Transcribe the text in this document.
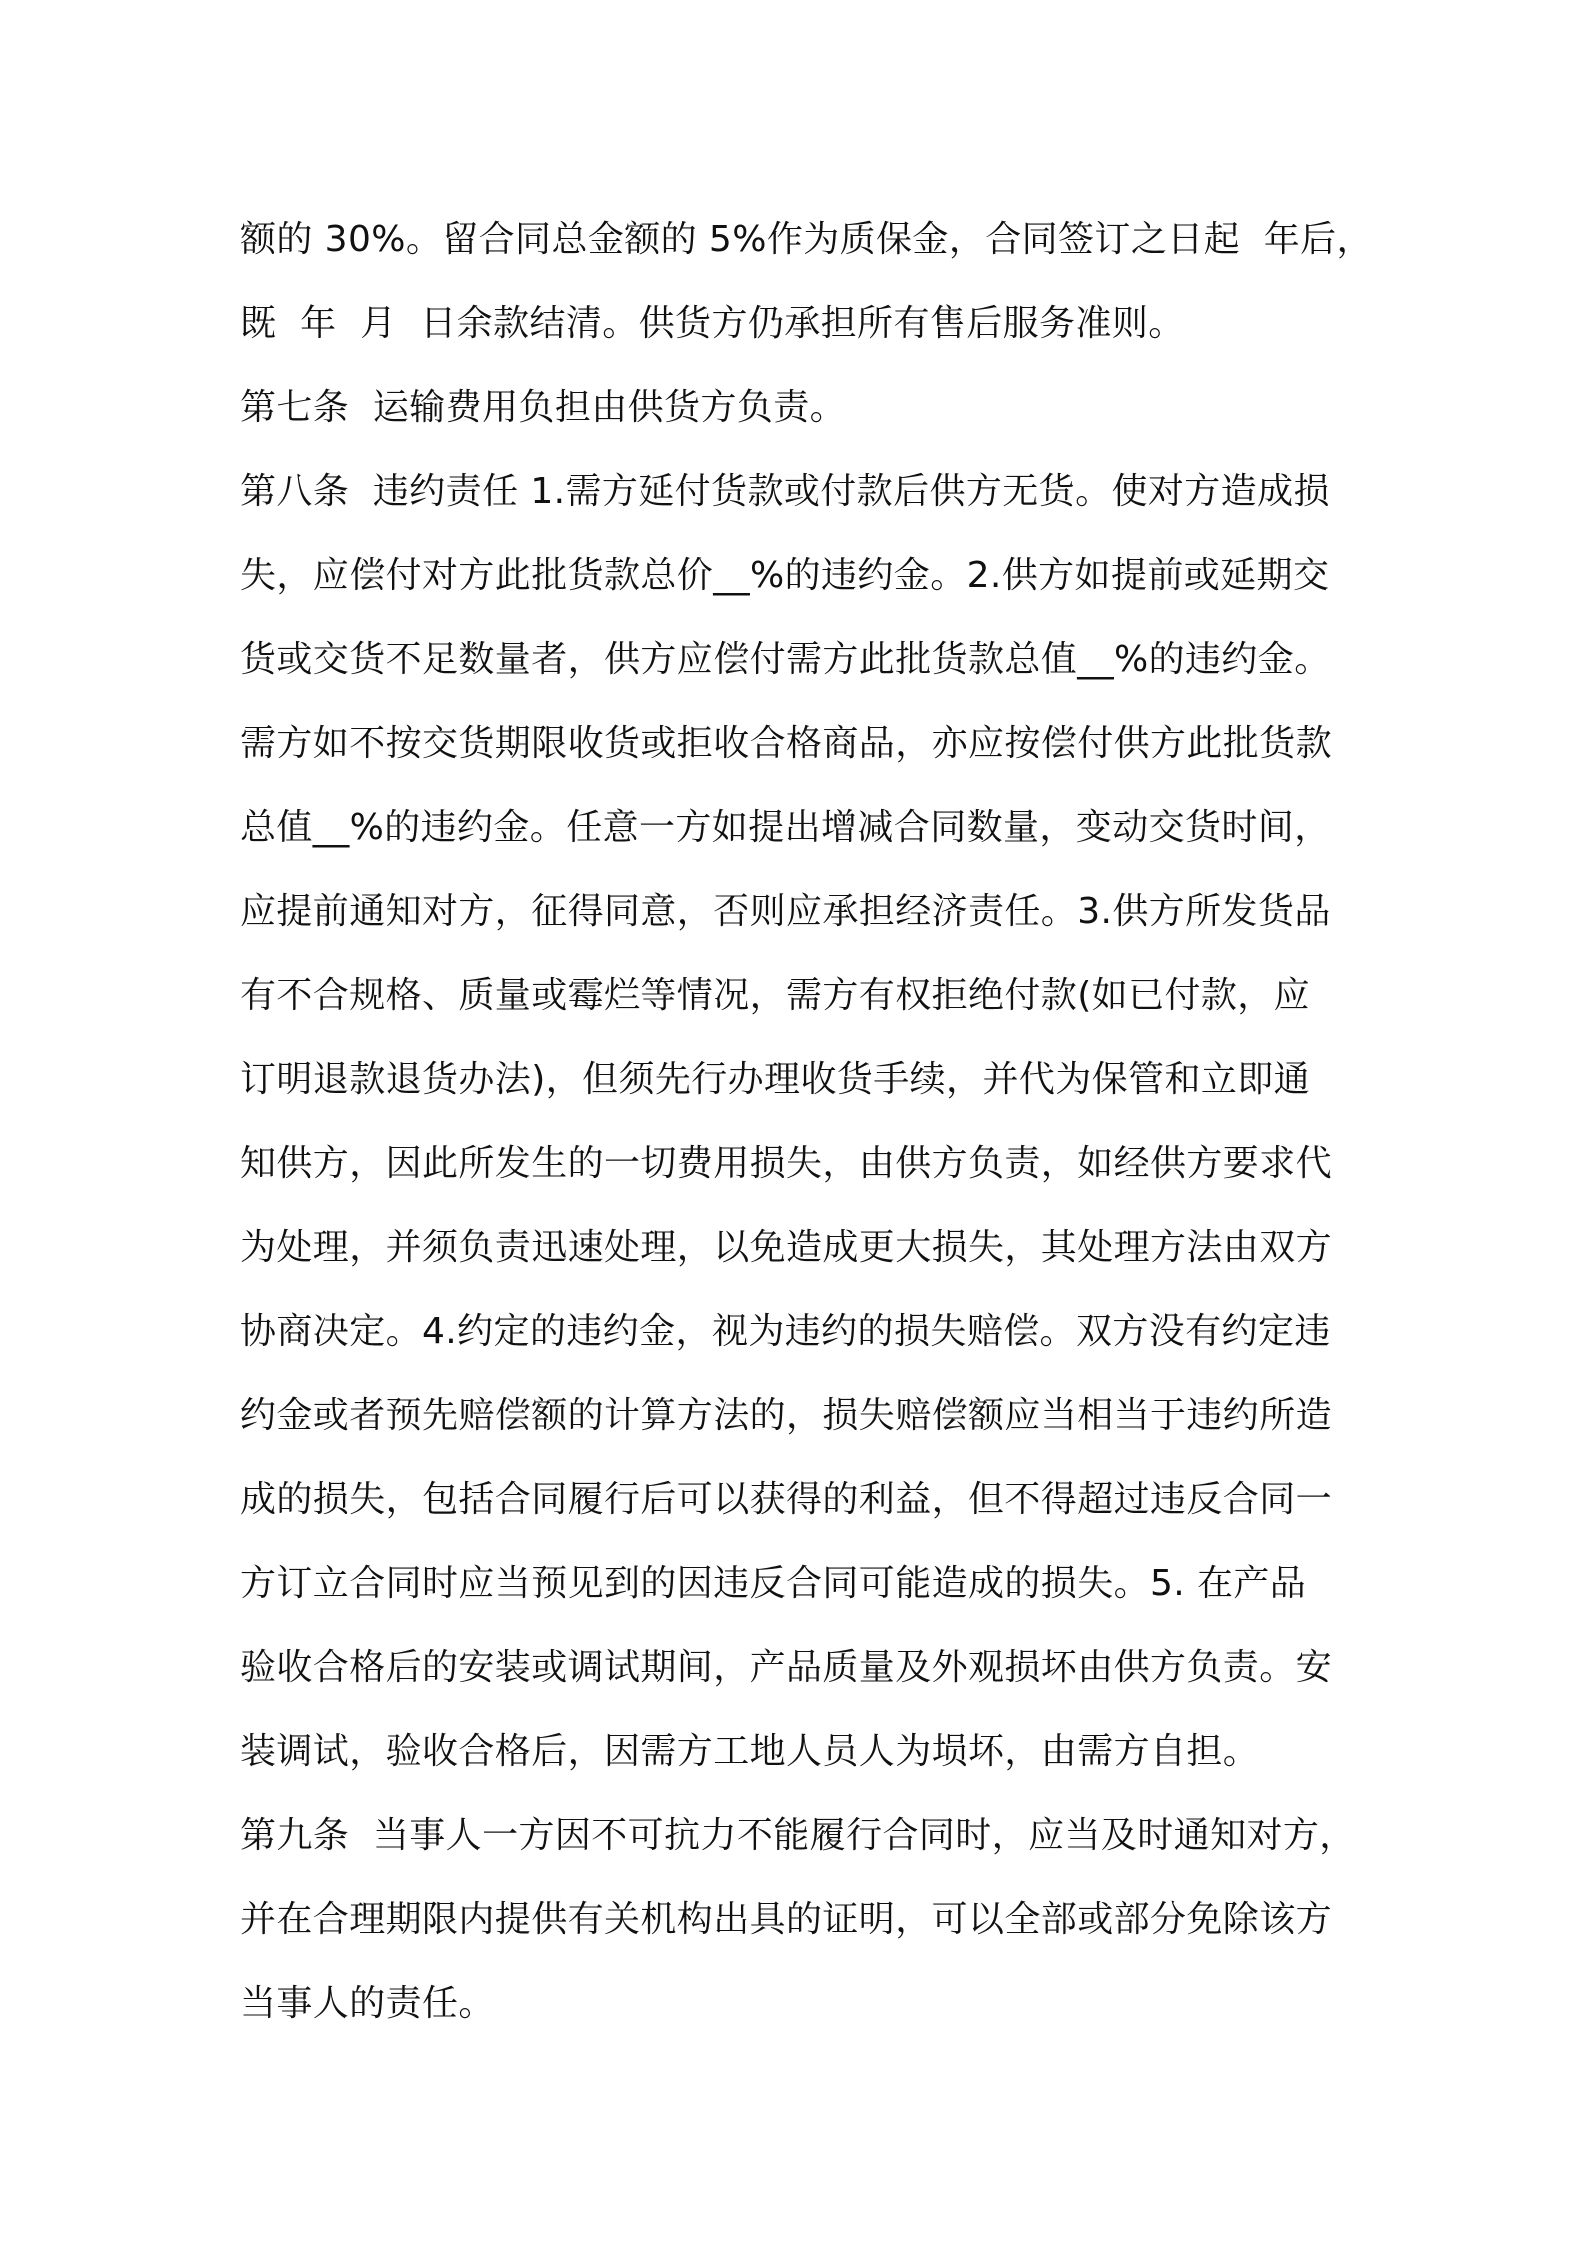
额的 30%。留合同总金额的 5%作为质保金，合同签订之日起  年后，
既  年  月  日余款结清。供货方仍承担所有售后服务准则。
第七条  运输费用负担由供货方负责。
第八条  违约责任 1.需方延付货款或付款后供方无货。使对方造成损
失，应偿付对方此批货款总价__%的违约金。2.供方如提前或延期交
货或交货不足数量者，供方应偿付需方此批货款总值__%的违约金。
需方如不按交货期限收货或拒收合格商品，亦应按偿付供方此批货款
总值__%的违约金。任意一方如提出增减合同数量，变动交货时间，
应提前通知对方，征得同意，否则应承担经济责任。3.供方所发货品
有不合规格、质量或霉烂等情况，需方有权拒绝付款(如已付款，应
订明退款退货办法)，但须先行办理收货手续，并代为保管和立即通
知供方，因此所发生的一切费用损失，由供方负责，如经供方要求代
为处理，并须负责迅速处理，以免造成更大损失，其处理方法由双方
协商决定。4.约定的违约金，视为违约的损失赔偿。双方没有约定违
约金或者预先赔偿额的计算方法的，损失赔偿额应当相当于违约所造
成的损失，包括合同履行后可以获得的利益，但不得超过违反合同一
方订立合同时应当预见到的因违反合同可能造成的损失。5. 在产品
验收合格后的安装或调试期间，产品质量及外观损坏由供方负责。安
装调试，验收合格后，因需方工地人员人为埙坏，由需方自担。
第九条  当事人一方因不可抗力不能履行合同时，应当及时通知对方，
并在合理期限内提供有关机构出具的证明，可以全部或部分免除该方
当事人的责任。
